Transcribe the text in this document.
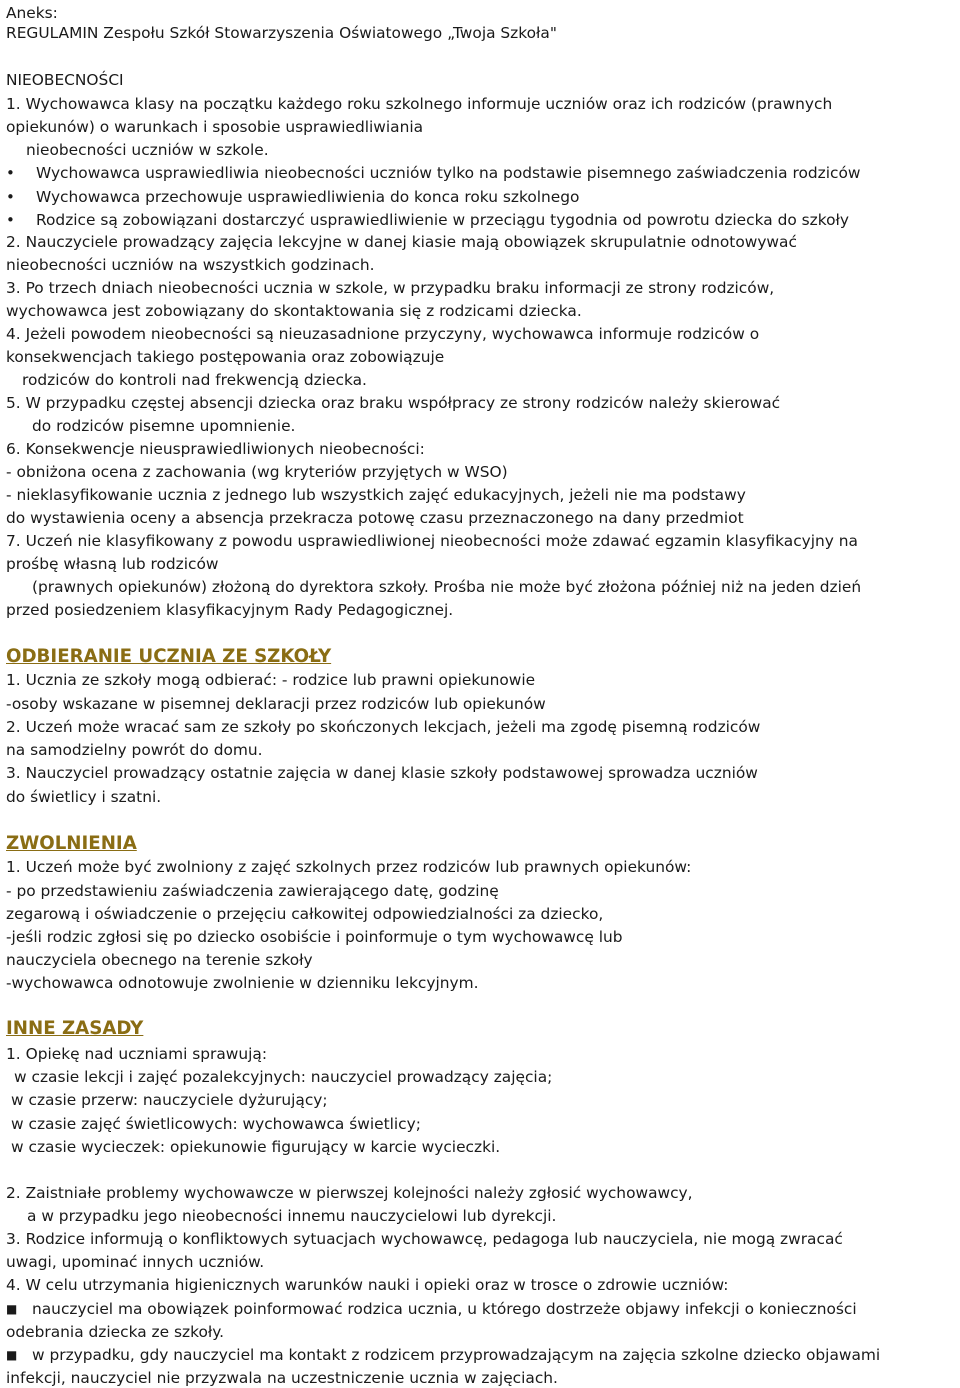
Aneks:
REGULAMIN Zespołu Szkół Stowarzyszenia Oświatowego „Twoja Szkoła"
NIEOBECNOŚCI
1. Wychowawca klasy na początku każdego roku szkolnego informuje uczniów oraz ich rodziców (prawnych
opiekunów) o warunkach i sposobie usprawiedliwiania
nieobecności uczniów w szkole.
• Wychowawca usprawiedliwia nieobecności uczniów tylko na podstawie pisemnego zaświadczenia rodziców
• Wychowawca przechowuje usprawiedliwienia do konca roku szkolnego
• Rodzice są zobowiązani dostarczyć usprawiedliwienie w przeciągu tygodnia od powrotu dziecka do szkoły
2. Nauczyciele prowadzący zajęcia lekcyjne w danej kiasie mają obowiązek skrupulatnie odnotowywać
nieobecności uczniów na wszystkich godzinach.
3. Po trzech dniach nieobecności ucznia w szkole, w przypadku braku informacji ze strony rodziców,
wychowawca jest zobowiązany do skontaktowania się z rodzicami dziecka.
4. Jeżeli powodem nieobecności są nieuzasadnione przyczyny, wychowawca informuje rodziców o
konsekwencjach takiego postępowania oraz zobowiązuje
rodziców do kontroli nad frekwencją dziecka.
5. W przypadku częstej absencji dziecka oraz braku współpracy ze strony rodziców należy skierować
do rodziców pisemne upomnienie.
6. Konsekwencje nieusprawiedliwionych nieobecności:
- obniżona ocena z zachowania (wg kryteriów przyjętych w WSO)
- nieklasyfikowanie ucznia z jednego lub wszystkich zajęć edukacyjnych, jeżeli nie ma podstawy
do wystawienia oceny a absencja przekracza potowę czasu przeznaczonego na dany przedmiot
7. Uczeń nie klasyfikowany z powodu usprawiedliwionej nieobecności może zdawać egzamin klasyfikacyjny na
prośbę własną lub rodziców
(prawnych opiekunów) złożoną do dyrektora szkoły. Prośba nie może być złożona później niż na jeden dzień
przed posiedzeniem klasyfikacyjnym Rady Pedagogicznej.
ODBIERANIE UCZNIA ZE SZKOŁY
1. Uczniа ze szkoły mogą odbierać: - rodzice lub prawni opiekunowie
-osoby wskazane w pisemnej deklaracji przez rodziców lub opiekunów
2. Uczeń może wracać sam ze szkoły po skończonych lekcjach, jeżeli ma zgodę pisemną rodziców
na samodzielny powrót do domu.
3. Nauczyciel prowadzący ostatnie zajęcia w danej klasie szkoły podstawowej sprowadza uczniów
do świetlicy i szatni.
ZWOLNIENIA
1. Uczeń może być zwolniony z zajęć szkolnych przez rodziców lub prawnych opiekunów:
- po przedstawieniu zaświadczenia zawierającego datę, godzinę
zegarową i oświadczenie o przejęciu całkowitej odpowiedzialności za dziecko,
-jeśli rodzic zgłosi się po dziecko osobiście i poinformuje o tym wychowawcę lub
nauczyciela obecnego na terenie szkoły
-wychowawca odnotowuje zwolnienie w dzienniku lekcyjnym.
INNE ZASADY
1. Opiekę nad uczniami sprawują:
w czasie lekcji i zajęć pozalekcyjnych: nauczyciel prowadzący zajęcia;
w czasie przerw: nauczyciele dyżurujący;
w czasie zajęć świetlicowych: wychowawca świetlicy;
w czasie wycieczek: opiekunowie figurujący w karcie wycieczki.
2. Zaistniałe problemy wychowawcze w pierwszej kolejności należy zgłosić wychowawcy,
a w przypadku jego nieobecności innemu nauczycielowi lub dyrekcji.
3. Rodzice informują o konfliktowych sytuacjach wychowawcę, pedagoga lub nauczyciela, nie mogą zwracać
uwagi, upominać innych uczniów.
4. W celu utrzymania higienicznych warunków nauki i opieki oraz w trosce o zdrowie uczniów:
■ nauczyciel ma obowiązek poinformować rodzica ucznia, u którego dostrzeże objawy infekcji o konieczności
odebrania dziecka ze szkoły.
■ w przypadku, gdy nauczyciel ma kontakt z rodzicem przyprowadzającym na zajęcia szkolne dziecko objawami
infekcji, nauczyciel nie przyzwala na uczestniczenie ucznia w zajęciach.
